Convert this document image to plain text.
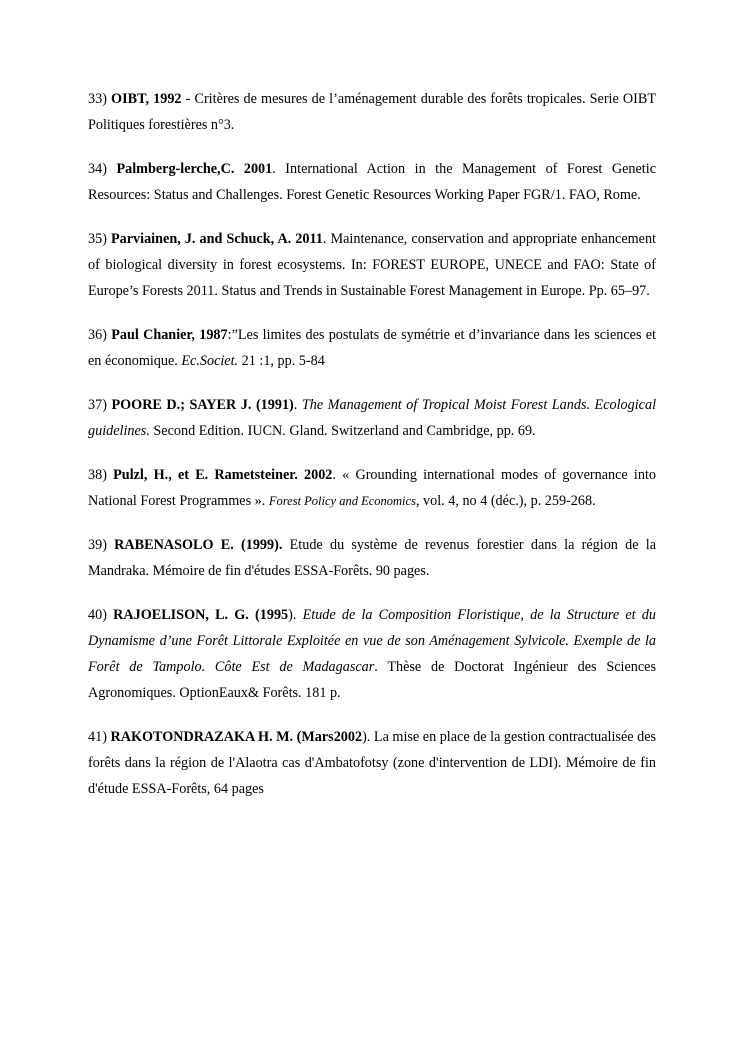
33) OIBT, 1992 - Critères de mesures de l’aménagement durable des forêts tropicales. Serie OIBT Politiques forestières n°3.

34) Palmberg-lerche,C. 2001. International Action in the Management of Forest Genetic Resources: Status and Challenges. Forest Genetic Resources Working Paper FGR/1. FAO, Rome.

35) Parviainen, J. and Schuck, A. 2011. Maintenance, conservation and appropriate enhancement of biological diversity in forest ecosystems. In: FOREST EUROPE, UNECE and FAO: State of Europe’s Forests 2011. Status and Trends in Sustainable Forest Management in Europe. Pp. 65–97.

36) Paul Chanier, 1987:”Les limites des postulats de symétrie et d’invariance dans les sciences et en économique. Ec.Societ. 21 :1, pp. 5-84

37) POORE D.; SAYER J. (1991). The Management of Tropical Moist Forest Lands. Ecological guidelines. Second Edition. IUCN. Gland. Switzerland and Cambridge, pp. 69.

38) Pulzl, H., et E. Rametsteiner. 2002. « Grounding international modes of governance into National Forest Programmes ». Forest Policy and Economics, vol. 4, no 4 (déc.), p. 259-268.

39) RABENASOLO E. (1999). Etude du système de revenus forestier dans la région de la Mandraka. Mémoire de fin d'études ESSA-Forêts. 90 pages.

40) RAJOELISON, L. G. (1995). Etude de la Composition Floristique, de la Structure et du Dynamisme d’une Forêt Littorale Exploitée en vue de son Aménagement Sylvicole. Exemple de la Forêt de Tampolo. Côte Est de Madagascar. Thèse de Doctorat Ingénieur des Sciences Agronomiques. OptionEaux& Forêts. 181 p.

41) RAKOTONDRAZAKA H. M. (Mars2002). La mise en place de la gestion contractualisée des forêts dans la région de l'Alaotra cas d'Ambatofotsy (zone d'intervention de LDI). Mémoire de fin d'étude ESSA-Forêts, 64 pages
